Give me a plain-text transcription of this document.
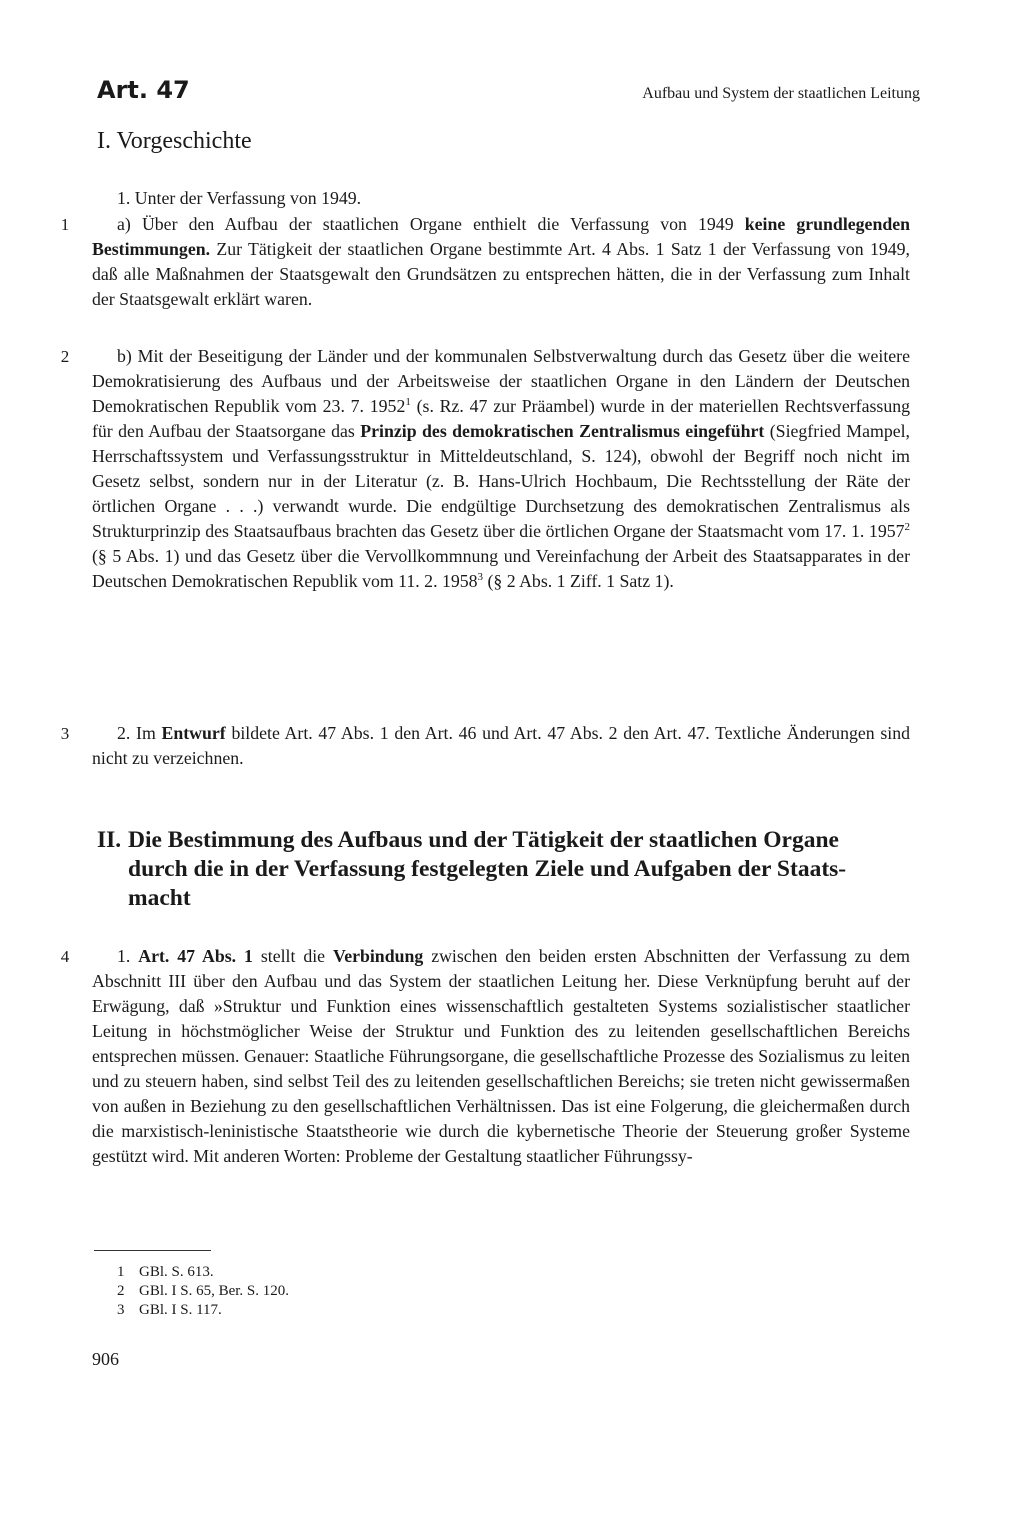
Art. 47	Aufbau und System der staatlichen Leitung
I. Vorgeschichte
1. Unter der Verfassung von 1949.
1	a) Über den Aufbau der staatlichen Organe enthielt die Verfassung von 1949 keine grundlegenden Bestimmungen. Zur Tätigkeit der staatlichen Organe bestimmte Art. 4 Abs. 1 Satz 1 der Verfassung von 1949, daß alle Maßnahmen der Staatsgewalt den Grundsätzen zu entsprechen hätten, die in der Verfassung zum Inhalt der Staatsgewalt erklärt waren.
2	b) Mit der Beseitigung der Länder und der kommunalen Selbstverwaltung durch das Gesetz über die weitere Demokratisierung des Aufbaus und der Arbeitsweise der staatlichen Organe in den Ländern der Deutschen Demokratischen Republik vom 23. 7. 1952$^1$ (s. Rz. 47 zur Präambel) wurde in der materiellen Rechtsverfassung für den Aufbau der Staatsorgane das Prinzip des demokratischen Zentralismus eingeführt (Siegfried Mampel, Herrschaftssystem und Verfassungsstruktur in Mitteldeutschland, S. 124), obwohl der Begriff noch nicht im Gesetz selbst, sondern nur in der Literatur (z. B. Hans-Ulrich Hochbaum, Die Rechtsstellung der Räte der örtlichen Organe . . .) verwandt wurde. Die endgültige Durchsetzung des demokratischen Zentralismus als Strukturprinzip des Staatsaufbaus brachten das Gesetz über die örtlichen Organe der Staatsmacht vom 17. 1. 1957$^2$ (§ 5 Abs. 1) und das Gesetz über die Vervollkommnung und Vereinfachung der Arbeit des Staatsapparates in der Deutschen Demokratischen Republik vom 11. 2. 1958$^3$ (§ 2 Abs. 1 Ziff. 1 Satz 1).
3	2. Im Entwurf bildete Art. 47 Abs. 1 den Art. 46 und Art. 47 Abs. 2 den Art. 47. Textliche Änderungen sind nicht zu verzeichnen.
II. Die Bestimmung des Aufbaus und der Tätigkeit der staatlichen Organe
durch die in der Verfassung festgelegten Ziele und Aufgaben der Staats-
macht
4	1. Art. 47 Abs. 1 stellt die Verbindung zwischen den beiden ersten Abschnitten der Verfassung zu dem Abschnitt III über den Aufbau und das System der staatlichen Leitung her. Diese Verknüpfung beruht auf der Erwägung, daß »Struktur und Funktion eines wissenschaftlich gestalteten Systems sozialistischer staatlicher Leitung in höchstmöglicher Weise der Struktur und Funktion des zu leitenden gesellschaftlichen Bereichs entsprechen müssen. Genauer: Staatliche Führungsorgane, die gesellschaftliche Prozesse des Sozialismus zu leiten und zu steuern haben, sind selbst Teil des zu leitenden gesellschaftlichen Bereichs; sie treten nicht gewissermaßen von außen in Beziehung zu den gesellschaftlichen Verhältnissen. Das ist eine Folgerung, die gleichermaßen durch die marxistisch-leninistische Staatstheorie wie durch die kybernetische Theorie der Steuerung großer Systeme gestützt wird. Mit anderen Worten: Probleme der Gestaltung staatlicher Führungssy-
1 GBl. S. 613.
2 GBl. I S. 65, Ber. S. 120.
3 GBl. I S. 117.
906
